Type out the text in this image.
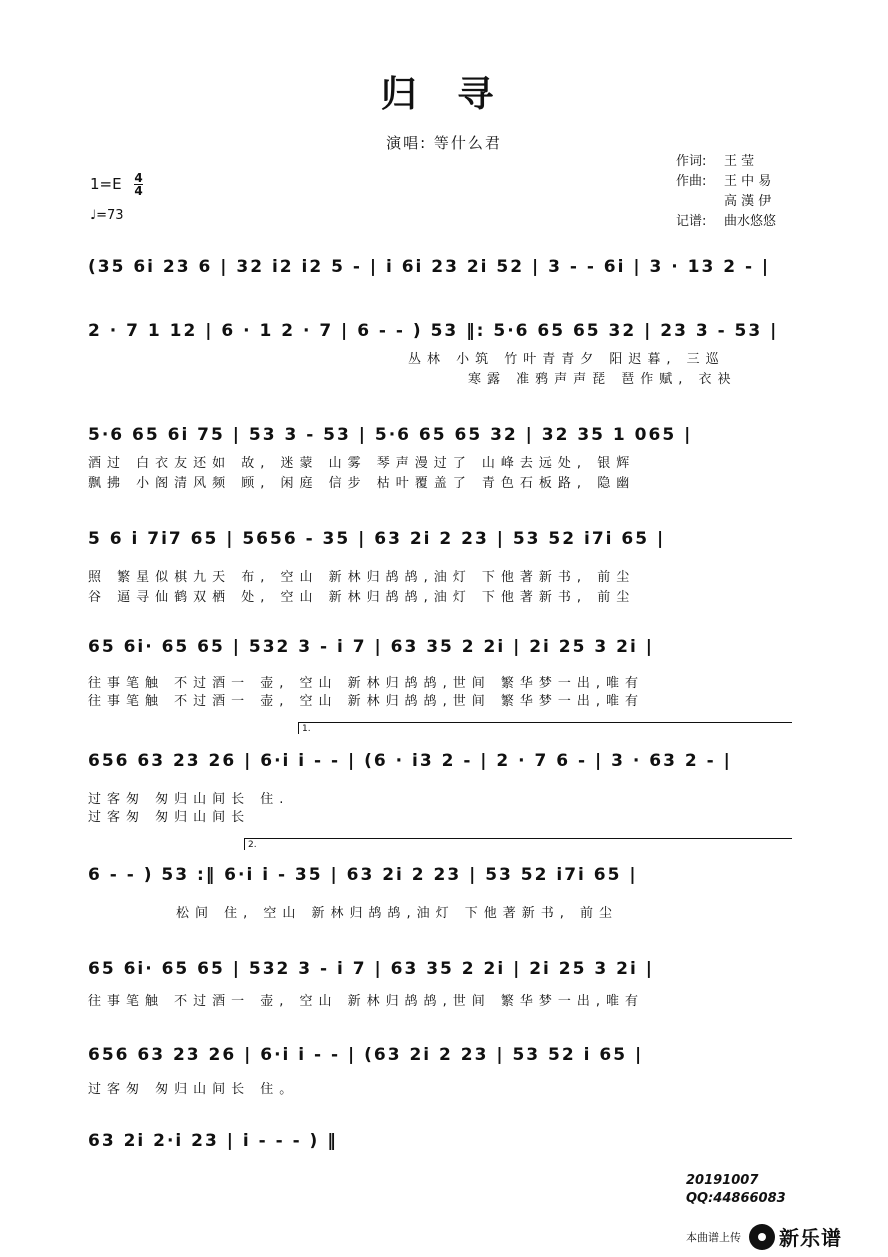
归 寻
演唱: 等什么君
$1=E \frac{4}{4}$
♩=73
作词: 王 莹
作曲: 王 中 易
高 漢 伊
记谱: 曲水悠悠
(35 6i 23 6 | 32 i2 i2 5 - | i 6i 23 2i 52 | 3 - - 6i | 3 · 13 2 - |
2 · 7 1 12 | 6 · 1 2 · 7 | 6 - - ) 53 ‖: 5·6 65 65 32 | 23 3 - 53 |
丛林 小筑 竹叶青青夕 阳迟暮, 三巡
寒露 准鸦声声琵 琶作赋, 衣袂
5·6 65 6i 75 | 53 3 - 53 | 5·6 65 65 32 | 32 35 1 065 |
酒过 白衣友还如 故, 迷蒙 山雾 琴声漫过了 山峰去远处, 银辉
飘拂 小阁清风频 顾, 闲庭 信步 枯叶覆盖了 青色石板路, 隐幽
5 6 i 7i7 65 | 5656 - 35 | 63 2i 2 23 | 53 52 i7i 65 |
照 繁星似棋九天 布, 空山 新林归鸪鸪,油灯 下他著新书, 前尘
谷 逼寻仙鹤双栖 处, 空山 新林归鸪鸪,油灯 下他著新书, 前尘
65 6i· 65 65 | 532 3 - i 7 | 63 35 2 2i | 2i 25 3 2i |
往事笔触 不过酒一 壶, 空山 新林归鸪鸪,世间 繁华梦一出,唯有
往事笔触 不过酒一 壶, 空山 新林归鸪鸪,世间 繁华梦一出,唯有
1.
656 63 23 26 | 6·i i - - | (6 · i3 2 - | 2 · 7 6 - | 3 · 63 2 - |
过客匆 匆归山间长 住.
过客匆 匆归山间长
2.
6 - - ) 53 :‖ 6·i i - 35 | 63 2i 2 23 | 53 52 i7i 65 |
松间 住, 空山 新林归鸪鸪,油灯 下他著新书, 前尘
65 6i· 65 65 | 532 3 - i 7 | 63 35 2 2i | 2i 25 3 2i |
往事笔触 不过酒一 壶, 空山 新林归鸪鸪,世间 繁华梦一出,唯有
656 63 23 26 | 6·i i - - | (63 2i 2 23 | 53 52 i 65 |
过客匆 匆归山间长 住。
63 2i 2·i 23 | i - - - ) ‖
20191007
QQ:44866083
本曲谱上传 新乐谱
